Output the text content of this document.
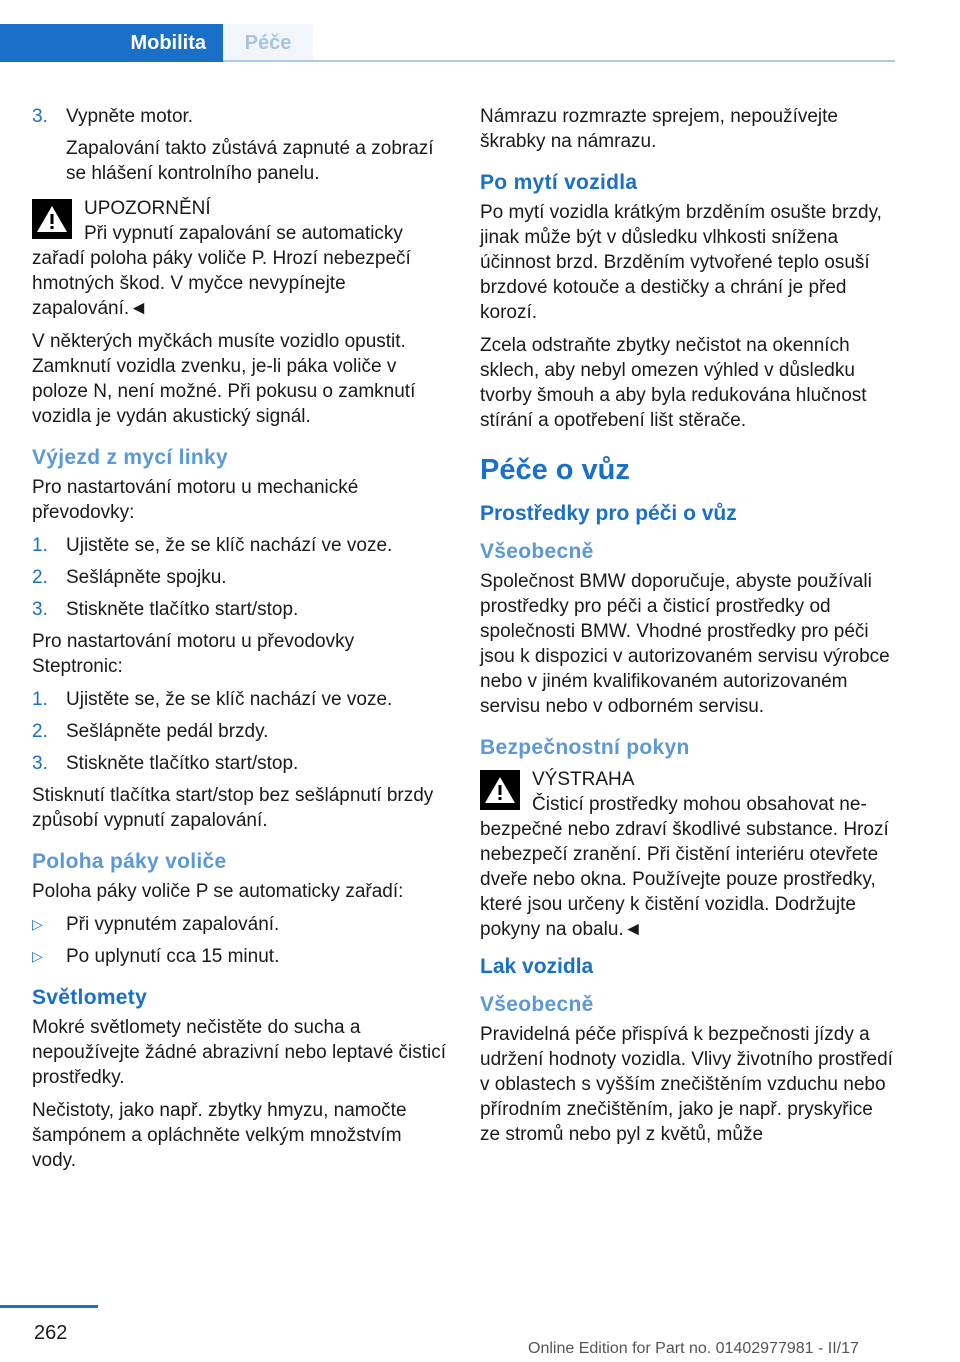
Mobilita	Péče
3. Vypněte motor.

Zapalování takto zůstává zapnuté a zobrazí se hlášení kontrolního panelu.

UPOZORNĚNÍ
Při vypnutí zapalování se automaticky

zařadí poloha páky voliče P. Hrozí nebezpečí hmotných škod. V myčce nevypínejte zapalování.◄

V některých myčkách musíte vozidlo opustit. Zamknutí vozidla zvenku, je-li páka voliče v poloze N, není možné. Při pokusu o zamknutí vozidla je vydán akustický signál.

Výjezd z mycí linky

Pro nastartování motoru u mechanické převodovky:

1. Ujistěte se, že se klíč nachází ve voze.
2. Sešlápněte spojku.
3. Stiskněte tlačítko start/stop.

Pro nastartování motoru u převodovky Steptronic:

1. Ujistěte se, že se klíč nachází ve voze.
2. Sešlápněte pedál brzdy.
3. Stiskněte tlačítko start/stop.

Stisknutí tlačítka start/stop bez sešlápnutí brzdy způsobí vypnutí zapalování.

Poloha páky voliče

Poloha páky voliče P se automaticky zařadí:

▷	Při vypnutém zapalování.
▷	Po uplynutí cca 15 minut.
Světlomety

Mokré světlomety nečistěte do sucha a nepoužívejte žádné abrazivní nebo leptavé čisticí prostředky.

Nečistoty, jako např. zbytky hmyzu, namočte šampónem a opláchněte velkým množstvím vody.

Námrazu rozmrazte sprejem, nepoužívejte škrabky na námrazu.

Po mytí vozidla

Po mytí vozidla krátkým brzděním osušte brzdy, jinak může být v důsledku vlhkosti snížena účinnost brzd. Brzděním vytvořené teplo osuší brzdové kotouče a destičky a chrání je před korozí.

Zcela odstraňte zbytky nečistot na okenních sklech, aby nebyl omezen výhled v důsledku tvorby šmouh a aby byla redukována hlučnost stírání a opotřebení lišt stěrače.

Péče o vůz
Prostředky pro péči o vůz
Všeobecně

Společnost BMW doporučuje, abyste používali prostředky pro péči a čisticí prostředky od společnosti BMW. Vhodné prostředky pro péči jsou k dispozici v autorizovaném servisu výrobce nebo v jiném kvalifikovaném autorizovaném servisu nebo v odborném servisu.

Bezpečnostní pokyn
VÝSTRAHA
Čisticí prostředky mohou obsahovat ne-

bezpečné nebo zdraví škodlivé substance. Hrozí nebezpečí zranění. Při čistění interiéru otevřete dveře nebo okna. Používejte pouze prostředky, které jsou určeny k čistění vozidla. Dodržujte pokyny na obalu.◄

Lak vozidla
Všeobecně

Pravidelná péče přispívá k bezpečnosti jízdy a udržení hodnoty vozidla. Vlivy životního prostředí v oblastech s vyšším znečištěním vzduchu nebo přírodním znečištěním, jako je např. pryskyřice ze stromů nebo pyl z květů, může

262
Online Edition for Part no. 01402977981 - II/17
